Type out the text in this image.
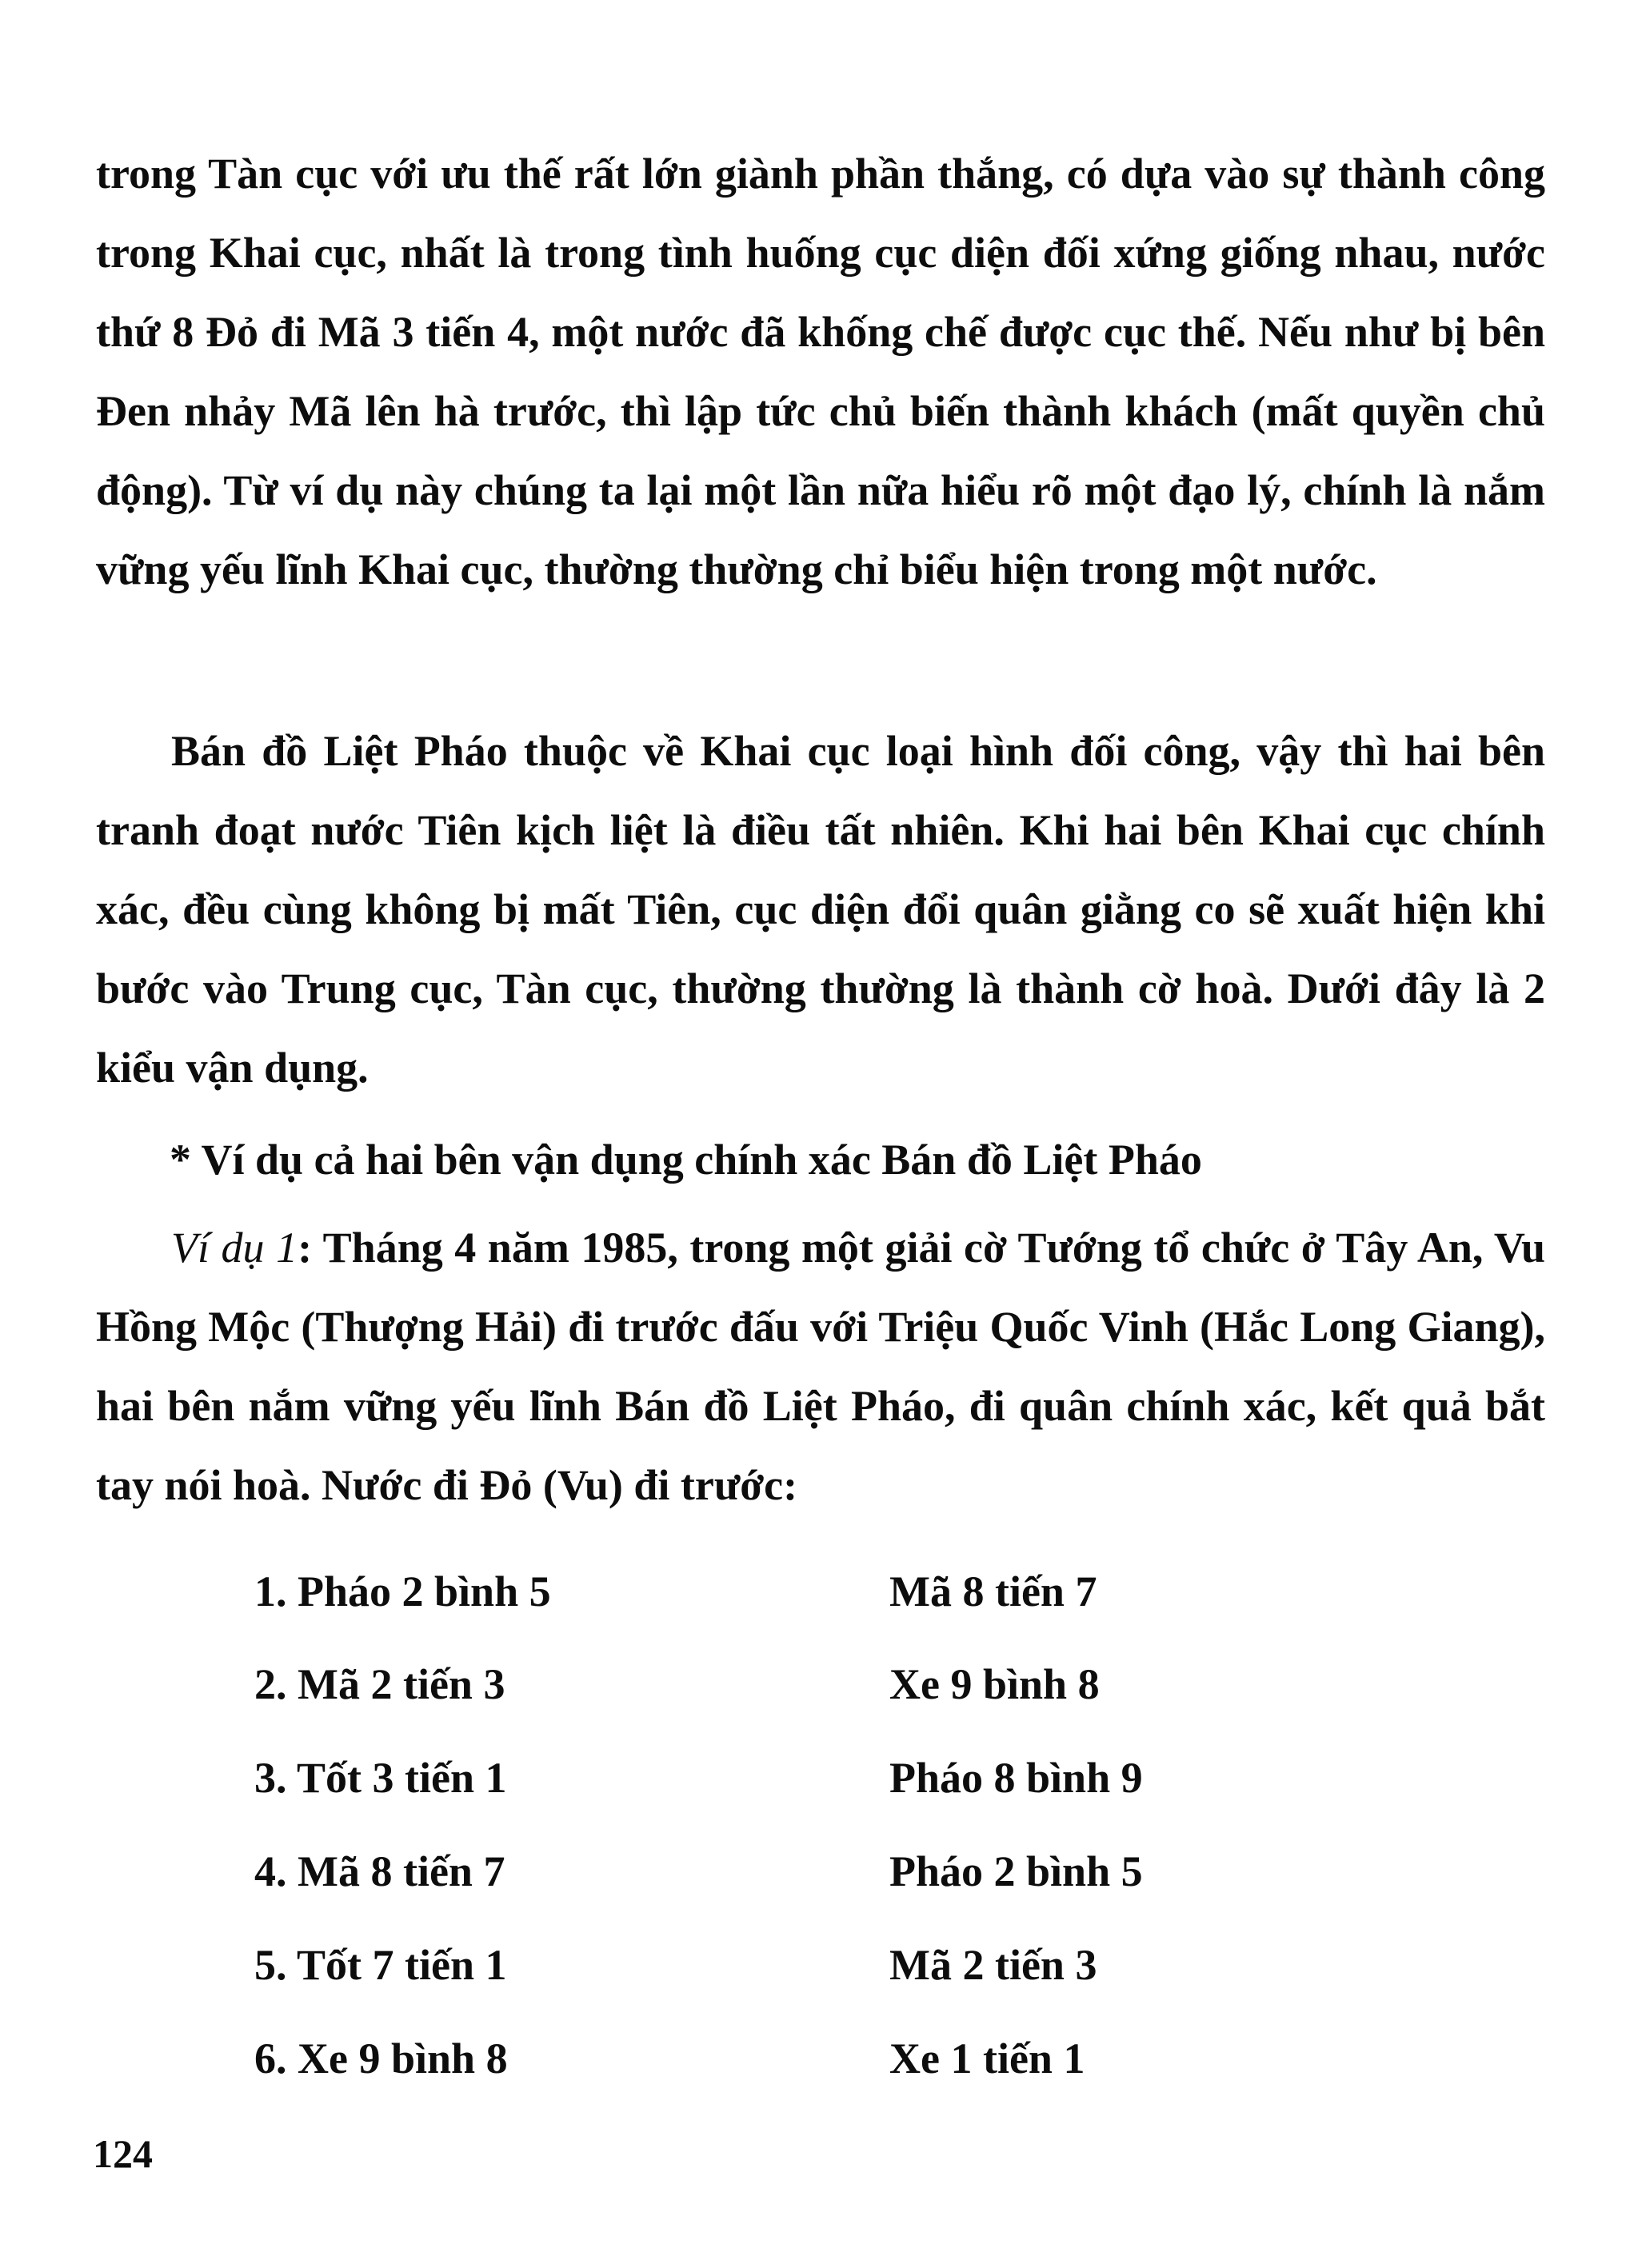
trong Tàn cục với ưu thế rất lớn giành phần thắng, có dựa vào sự thành công trong Khai cục, nhất là trong tình huống cục diện đối xứng giống nhau, nước thứ 8 Đỏ đi Mã 3 tiến 4, một nước đã khống chế được cục thế. Nếu như bị bên Đen nhảy Mã lên hà trước, thì lập tức chủ biến thành khách (mất quyền chủ động). Từ ví dụ này chúng ta lại một lần nữa hiểu rõ một đạo lý, chính là nắm vững yếu lĩnh Khai cục, thường thường chỉ biểu hiện trong một nước.

Bán đồ Liệt Pháo thuộc về Khai cục loại hình đối công, vậy thì hai bên tranh đoạt nước Tiên kịch liệt là điều tất nhiên. Khi hai bên Khai cục chính xác, đều cùng không bị mất Tiên, cục diện đổi quân giằng co sẽ xuất hiện khi bước vào Trung cục, Tàn cục, thường thường là thành cờ hoà. Dưới đây là 2 kiểu vận dụng.

* Ví dụ cả hai bên vận dụng chính xác Bán đồ Liệt Pháo

Ví dụ 1: Tháng 4 năm 1985, trong một giải cờ Tướng tổ chức ở Tây An, Vu Hồng Mộc (Thượng Hải) đi trước đấu với Triệu Quốc Vinh (Hắc Long Giang), hai bên nắm vững yếu lĩnh Bán đồ Liệt Pháo, đi quân chính xác, kết quả bắt tay nói hoà. Nước đi Đỏ (Vu) đi trước:

1. Pháo 2 bình 5	Mã 8 tiến 7
2. Mã 2 tiến 3	Xe 9 bình 8
3. Tốt 3 tiến 1	Pháo 8 bình 9
4. Mã 8 tiến 7	Pháo 2 bình 5
5. Tốt 7 tiến 1	Mã 2 tiến 3
6. Xe 9 bình 8	Xe 1 tiến 1
124
